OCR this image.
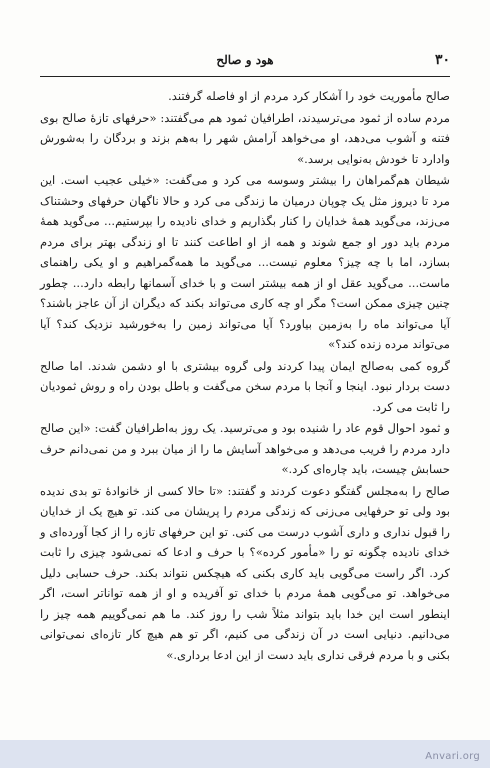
۳۰
هود و صالح

صالح مأموریت خود را آشکار کرد مردم از او فاصله گرفتند.

مردم ساده از ثمود می‌ترسیدند، اطرافیان ثمود هم می‌گفتند: «حرفهای تازهٔ صالح بوی فتنه و آشوب می‌دهد، او می‌خواهد آرامش شهر را به‌هم بزند و بردگان را به‌شورش وادارد تا خودش به‌نوایی برسد.»

شیطان هم‌گمراهان را بیشتر وسوسه می کرد و می‌گفت: «خیلی عجیب است. این مرد تا دیروز مثل یک چوپان درمیان ما زندگی می کرد و حالا ناگهان حرفهای وحشتناک می‌زند، می‌گوید همهٔ خدایان را کنار بگذاریم و خدای نادیده را بپرستیم... می‌گوید همهٔ مردم باید دور او جمع شوند و همه از او اطاعت کنند تا او زندگی بهتر برای مردم بسازد، اما با چه چیز؟ معلوم نیست... می‌گوید ما همه‌گمراهیم و او یکی راهنمای ماست... می‌گوید عقل او از همه بیشتر است و با خدای آسمانها رابطه دارد... چطور چنین چیزی ممکن است؟ مگر او چه کاری می‌تواند بکند که دیگران از آن عاجز باشند؟ آیا می‌تواند ماه را به‌زمین بیاورد؟ آیا می‌تواند زمین را به‌خورشید نزدیک کند؟ آیا می‌تواند مرده زنده کند؟»

گروه کمی به‌صالح ایمان پیدا کردند ولی گروه بیشتری با او دشمن شدند. اما صالح دست بردار نبود. اینجا و آنجا با مردم سخن می‌گفت و باطل بودن راه و روش ثمودیان را ثابت می کرد.

و ثمود احوال قوم عاد را شنیده بود و می‌ترسید. یک روز به‌اطرافیان گفت: «این صالح دارد مردم را فریب می‌دهد و می‌خواهد آسایش ما را از میان ببرد و من نمی‌دانم حرف حسابش چیست، باید چاره‌ای کرد.»

صالح را به‌مجلس گفتگو دعوت کردند و گفتند: «تا حالا کسی از خانوادهٔ تو بدی ندیده بود ولی تو حرفهایی می‌زنی که زندگی مردم را پریشان می کند. تو هیچ یک از خدایان را قبول نداری و داری آشوب درست می کنی. تو این حرفهای تازه را از کجا آورده‌ای و خدای نادیده چگونه تو را «مأمور کرده»؟ با حرف و ادعا که نمی‌شود چیزی را ثابت کرد. اگر راست می‌گویی باید کاری بکنی که هیچکس نتواند بکند. حرف حسابی دلیل می‌خواهد. تو می‌گویی همهٔ مردم با خدای تو آفریده و او از همه تواناتر است، اگر اینطور است این خدا باید بتواند مثلاً شب را روز کند. ما هم نمی‌گوییم همه چیز را می‌دانیم. دنیایی است در آن زندگی می کنیم، اگر تو هم هیچ کار تازه‌ای نمی‌توانی بکنی و با مردم فرقی نداری باید دست از این ادعا برداری.»

Anvari.org
